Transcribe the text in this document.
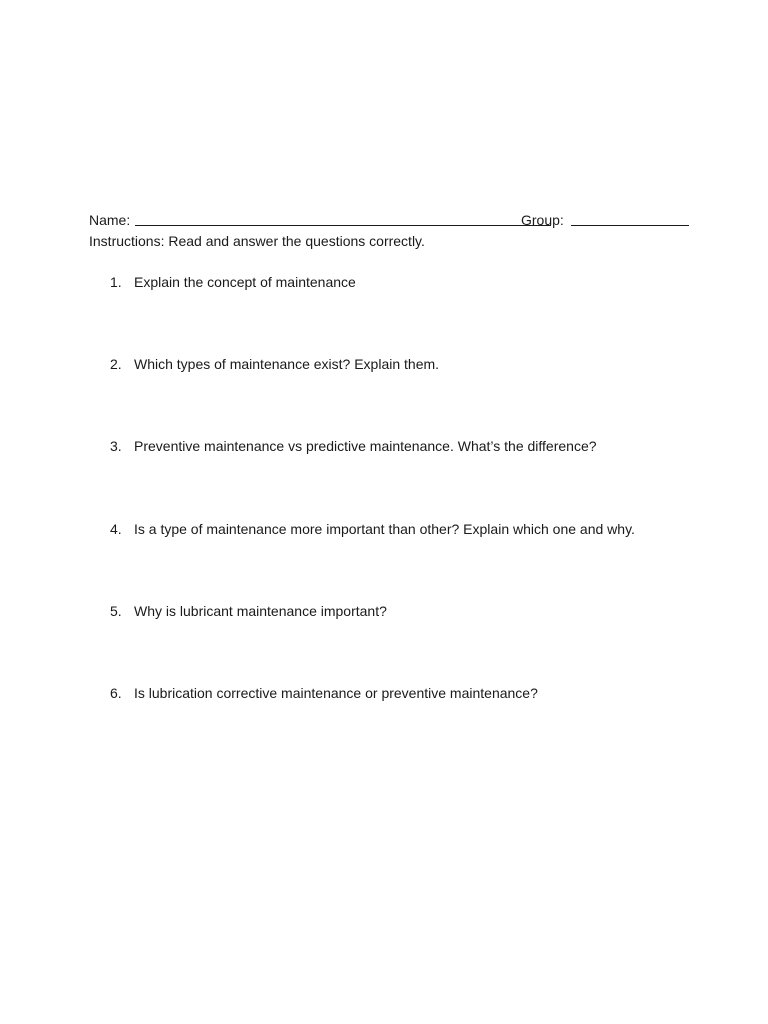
Name:	Group:
Instructions: Read and answer the questions correctly.
1. Explain the concept of maintenance
2. Which types of maintenance exist? Explain them.
3. Preventive maintenance vs predictive maintenance. What’s the difference?
4. Is a type of maintenance more important than other? Explain which one and why.
5. Why is lubricant maintenance important?
6. Is lubrication corrective maintenance or preventive maintenance?
